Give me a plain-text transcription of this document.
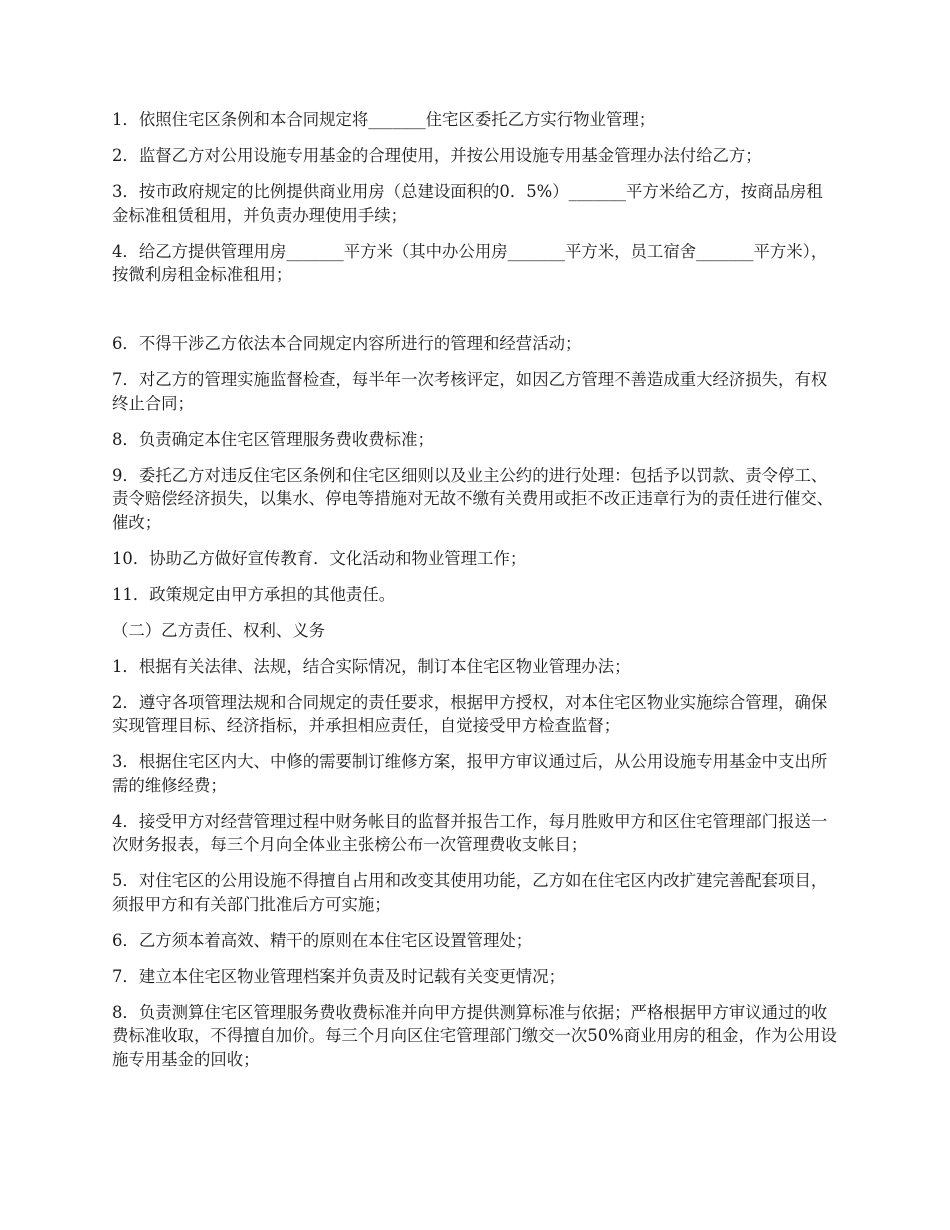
1．依照住宅区条例和本合同规定将_______住宅区委托乙方实行物业管理；

2．监督乙方对公用设施专用基金的合理使用，并按公用设施专用基金管理办法付给乙方；

3．按市政府规定的比例提供商业用房（总建设面积的0．5%）_______平方米给乙方，按商品房租金标准租赁租用，并负责办理使用手续；

4．给乙方提供管理用房_______平方米（其中办公用房_______平方米，员工宿舍_______平方米），按微利房租金标准租用；

6．不得干涉乙方依法本合同规定内容所进行的管理和经营活动；

7．对乙方的管理实施监督检查，每半年一次考核评定，如因乙方管理不善造成重大经济损失，有权终止合同；

8．负责确定本住宅区管理服务费收费标准；

9．委托乙方对违反住宅区条例和住宅区细则以及业主公约的进行处理：包括予以罚款、责令停工、责令赔偿经济损失，以集水、停电等措施对无故不缴有关费用或拒不改正违章行为的责任进行催交、催改；

10．协助乙方做好宣传教育．文化活动和物业管理工作；

11．政策规定由甲方承担的其他责任。

（二）乙方责任、权利、义务

1．根据有关法律、法规，结合实际情况，制订本住宅区物业管理办法；

2．遵守各项管理法规和合同规定的责任要求，根据甲方授权，对本住宅区物业实施综合管理，确保实现管理目标、经济指标，并承担相应责任，自觉接受甲方检查监督；

3．根据住宅区内大、中修的需要制订维修方案，报甲方审议通过后，从公用设施专用基金中支出所需的维修经费；

4．接受甲方对经营管理过程中财务帐目的监督并报告工作，每月胜败甲方和区住宅管理部门报送一次财务报表，每三个月向全体业主张榜公布一次管理费收支帐目；

5．对住宅区的公用设施不得擅自占用和改变其使用功能，乙方如在住宅区内改扩建完善配套项目，须报甲方和有关部门批准后方可实施；

6．乙方须本着高效、精干的原则在本住宅区设置管理处；

7．建立本住宅区物业管理档案并负责及时记载有关变更情况；

8．负责测算住宅区管理服务费收费标准并向甲方提供测算标准与依据；严格根据甲方审议通过的收费标准收取，不得擅自加价。每三个月向区住宅管理部门缴交一次50%商业用房的租金，作为公用设施专用基金的回收；
